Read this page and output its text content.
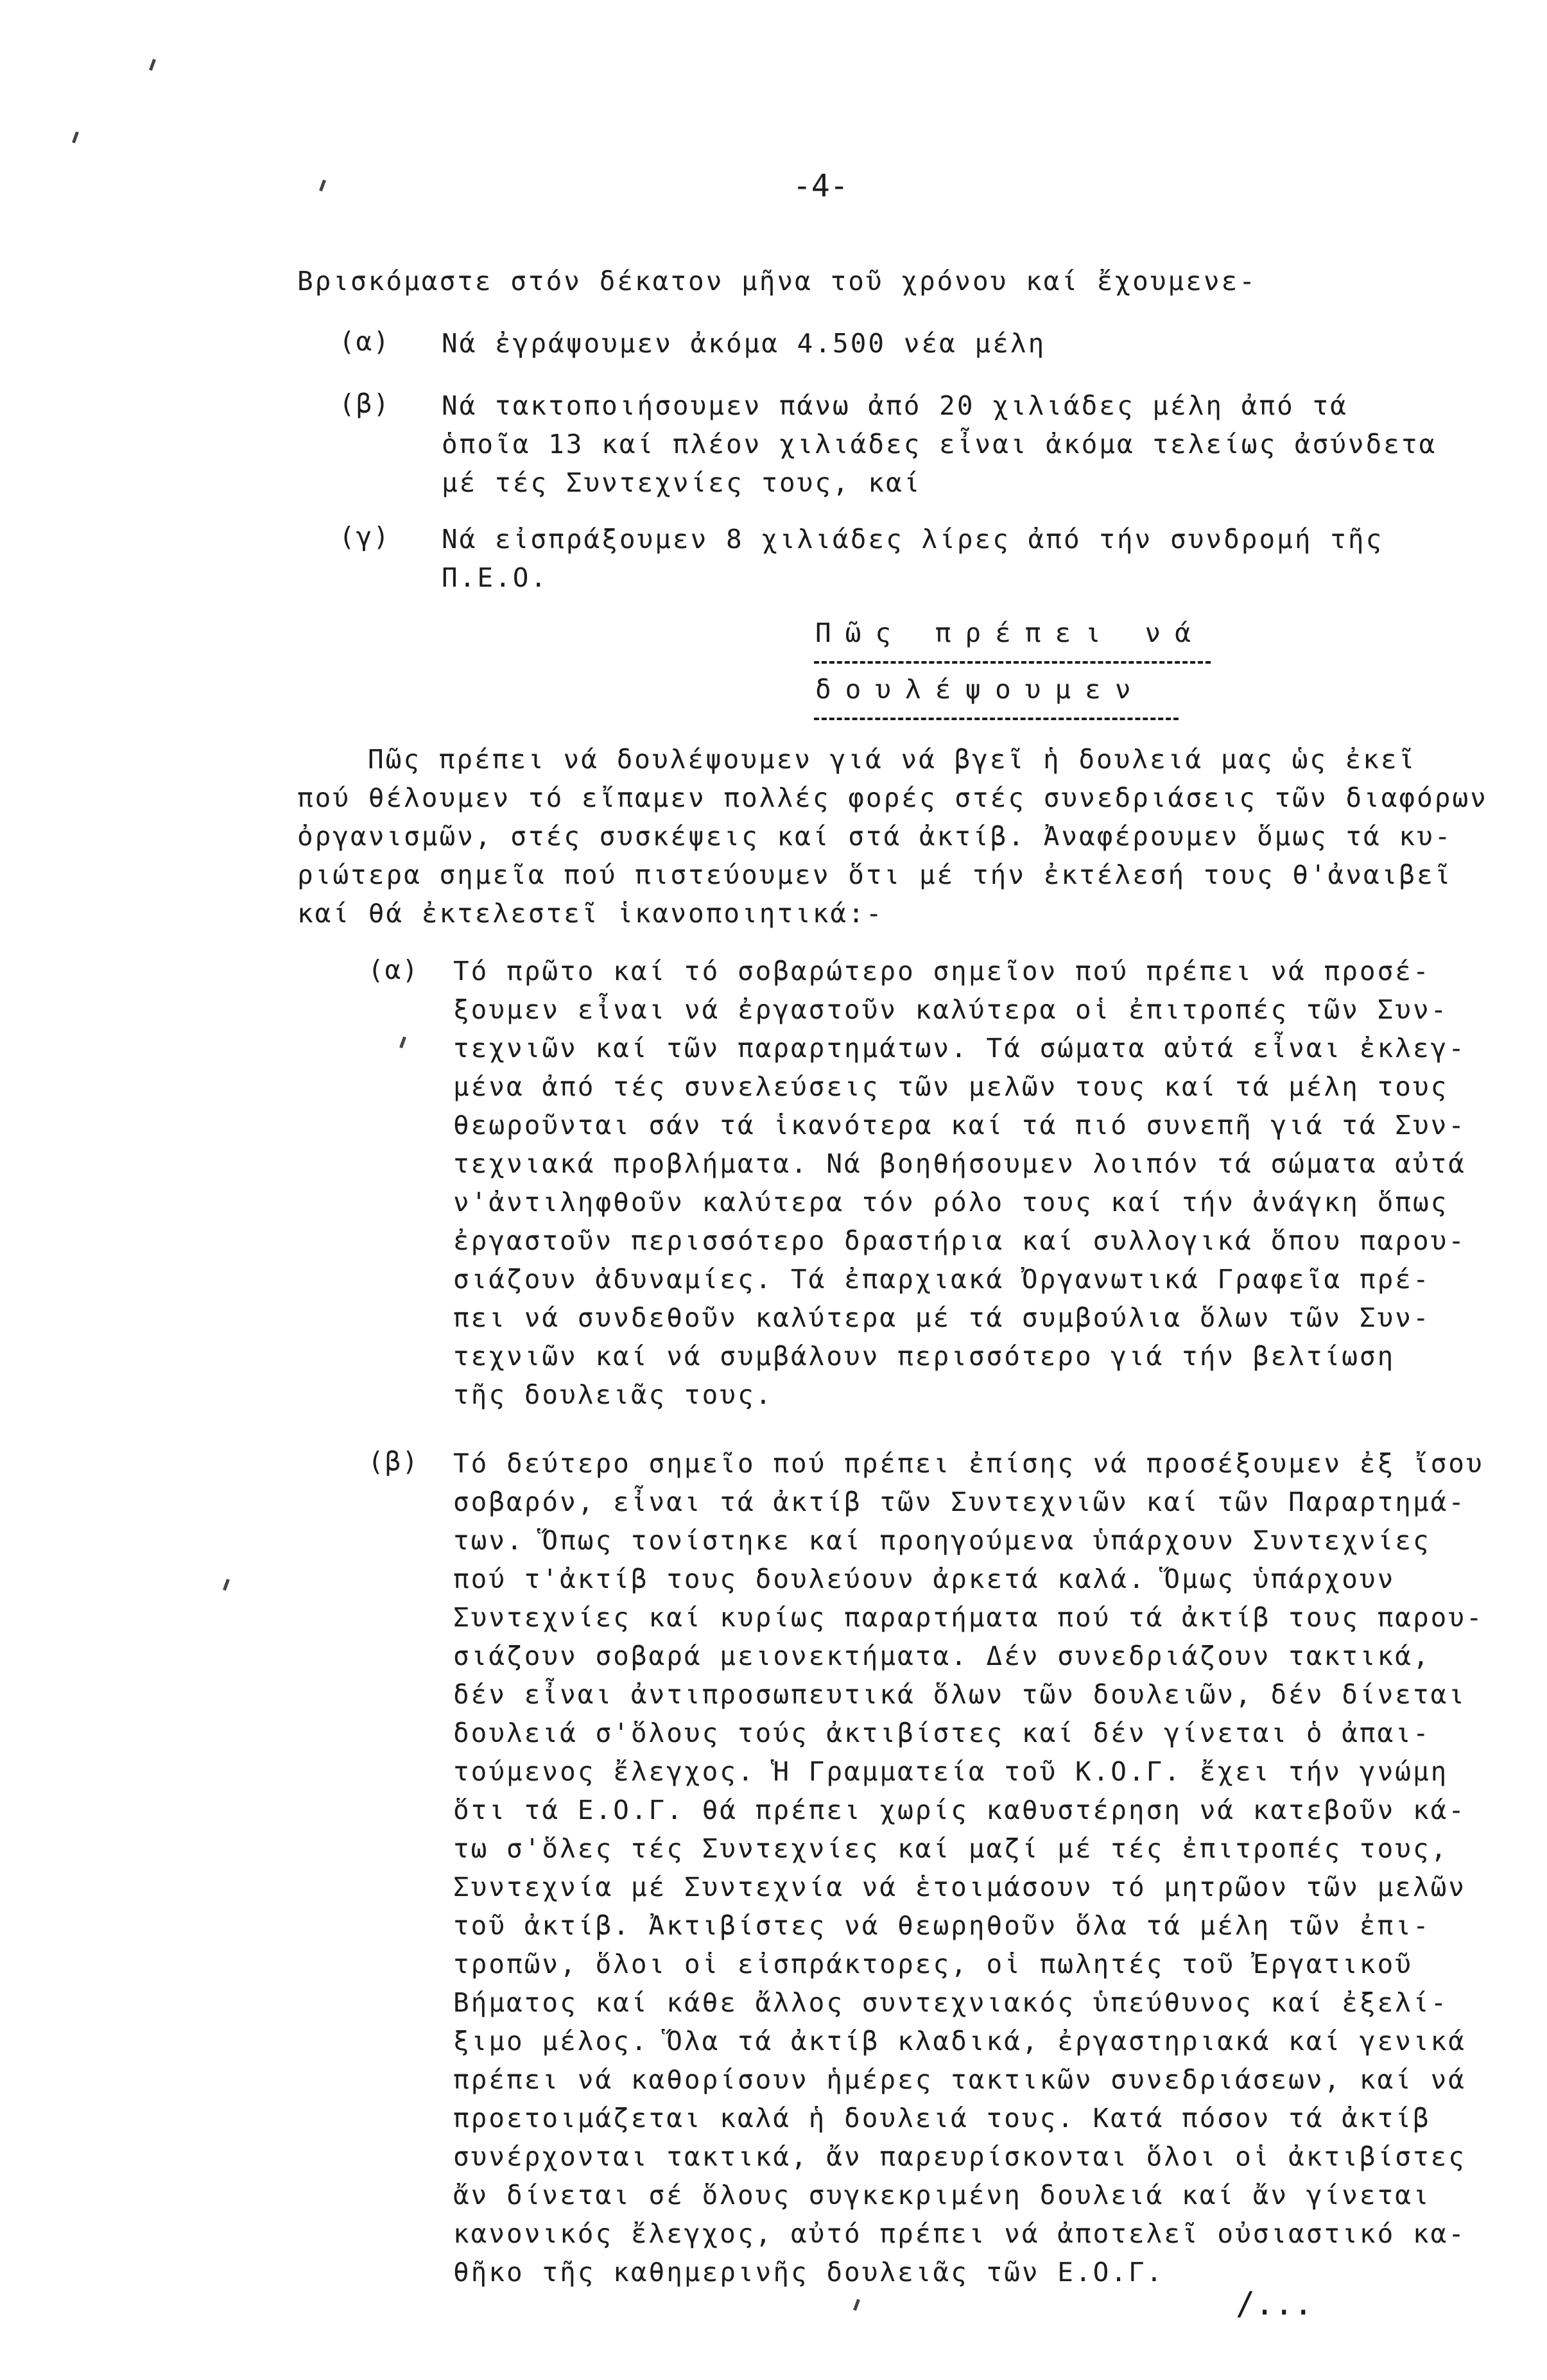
-4-
Βρισκόμαστε στόν δέκατον μῆνα τοῦ χρόνου καί ἔχουμενε-
(α) Νά ἐγράψουμεν ἀκόμα 4.500 νέα μέλη
(β) Νά τακτοποιήσουμεν πάνω ἀπό 20 χιλιάδες μέλη ἀπό τά
ὁποῖα 13 καί πλέον χιλιάδες εἶναι ἀκόμα τελείως ἀσύνδετα
μέ τές Συντεχνίες τους, καί
(γ) Νά εἰσπράξουμεν 8 χιλιάδες λίρες ἀπό τήν συνδρομή τῆς
Π.Ε.Ο.
Πῶς πρέπει νά
δουλέψουμεν
Πῶς πρέπει νά δουλέψουμεν γιά νά βγεῖ ἡ δουλειά μας ὡς ἐκεῖ
πού θέλουμεν τό εἴπαμεν πολλές φορές στές συνεδριάσεις τῶν διαφόρων
ὀργανισμῶν, στές συσκέψεις καί στά ἀκτίβ. Ἀναφέρουμεν ὅμως τά κυ-
ριώτερα σημεῖα πού πιστεύουμεν ὅτι μέ τήν ἐκτέλεσή τους θ'ἀναιβεῖ
καί θά ἐκτελεστεῖ ἱκανοποιητικά:-
(α) Τό πρῶτο καί τό σοβαρώτερο σημεῖον πού πρέπει νά προσέ-
ξουμεν εἶναι νά ἐργαστοῦν καλύτερα οἱ ἐπιτροπές τῶν Συν-
τεχνιῶν καί τῶν παραρτημάτων. Τά σώματα αὐτά εἶναι ἐκλεγ-
μένα ἀπό τές συνελεύσεις τῶν μελῶν τους καί τά μέλη τους
θεωροῦνται σάν τά ἱκανότερα καί τά πιό συνεπῆ γιά τά Συν-
τεχνιακά προβλήματα. Νά βοηθήσουμεν λοιπόν τά σώματα αὐτά
ν'ἀντιληφθοῦν καλύτερα τόν ρόλο τους καί τήν ἀνάγκη ὅπως
ἐργαστοῦν περισσότερο δραστήρια καί συλλογικά ὅπου παρου-
σιάζουν ἀδυναμίες. Τά ἐπαρχιακά Ὀργανωτικά Γραφεῖα πρέ-
πει νά συνδεθοῦν καλύτερα μέ τά συμβούλια ὅλων τῶν Συν-
τεχνιῶν καί νά συμβάλουν περισσότερο γιά τήν βελτίωση
τῆς δουλειᾶς τους.
(β) Τό δεύτερο σημεῖο πού πρέπει ἐπίσης νά προσέξουμεν ἐξ ἴσου
σοβαρόν, εἶναι τά ἀκτίβ τῶν Συντεχνιῶν καί τῶν Παραρτημά-
των. Ὅπως τονίστηκε καί προηγούμενα ὑπάρχουν Συντεχνίες
πού τ'ἀκτίβ τους δουλεύουν ἀρκετά καλά. Ὅμως ὑπάρχουν
Συντεχνίες καί κυρίως παραρτήματα πού τά ἀκτίβ τους παρου-
σιάζουν σοβαρά μειονεκτήματα. Δέν συνεδριάζουν τακτικά,
δέν εἶναι ἀντιπροσωπευτικά ὅλων τῶν δουλειῶν, δέν δίνεται
δουλειά σ'ὅλους τούς ἀκτιβίστες καί δέν γίνεται ὁ ἀπαι-
τούμενος ἔλεγχος. Ἡ Γραμματεία τοῦ Κ.Ο.Γ. ἔχει τήν γνώμη
ὅτι τά Ε.Ο.Γ. θά πρέπει χωρίς καθυστέρηση νά κατεβοῦν κά-
τω σ'ὅλες τές Συντεχνίες καί μαζί μέ τές ἐπιτροπές τους,
Συντεχνία μέ Συντεχνία νά ἑτοιμάσουν τό μητρῶον τῶν μελῶν
τοῦ ἀκτίβ. Ἀκτιβίστες νά θεωρηθοῦν ὅλα τά μέλη τῶν ἐπι-
τροπῶν, ὅλοι οἱ εἰσπράκτορες, οἱ πωλητές τοῦ Ἐργατικοῦ
Βήματος καί κάθε ἄλλος συντεχνιακός ὑπεύθυνος καί ἐξελί-
ξιμο μέλος. Ὅλα τά ἀκτίβ κλαδικά, ἐργαστηριακά καί γενικά
πρέπει νά καθορίσουν ἡμέρες τακτικῶν συνεδριάσεων, καί νά
προετοιμάζεται καλά ἡ δουλειά τους. Κατά πόσον τά ἀκτίβ
συνέρχονται τακτικά, ἄν παρευρίσκονται ὅλοι οἱ ἀκτιβίστες
ἄν δίνεται σέ ὅλους συγκεκριμένη δουλειά καί ἄν γίνεται
κανονικός ἔλεγχος, αὐτό πρέπει νά ἀποτελεῖ οὐσιαστικό κα-
θῆκο τῆς καθημερινῆς δουλειᾶς τῶν Ε.Ο.Γ.
/...
